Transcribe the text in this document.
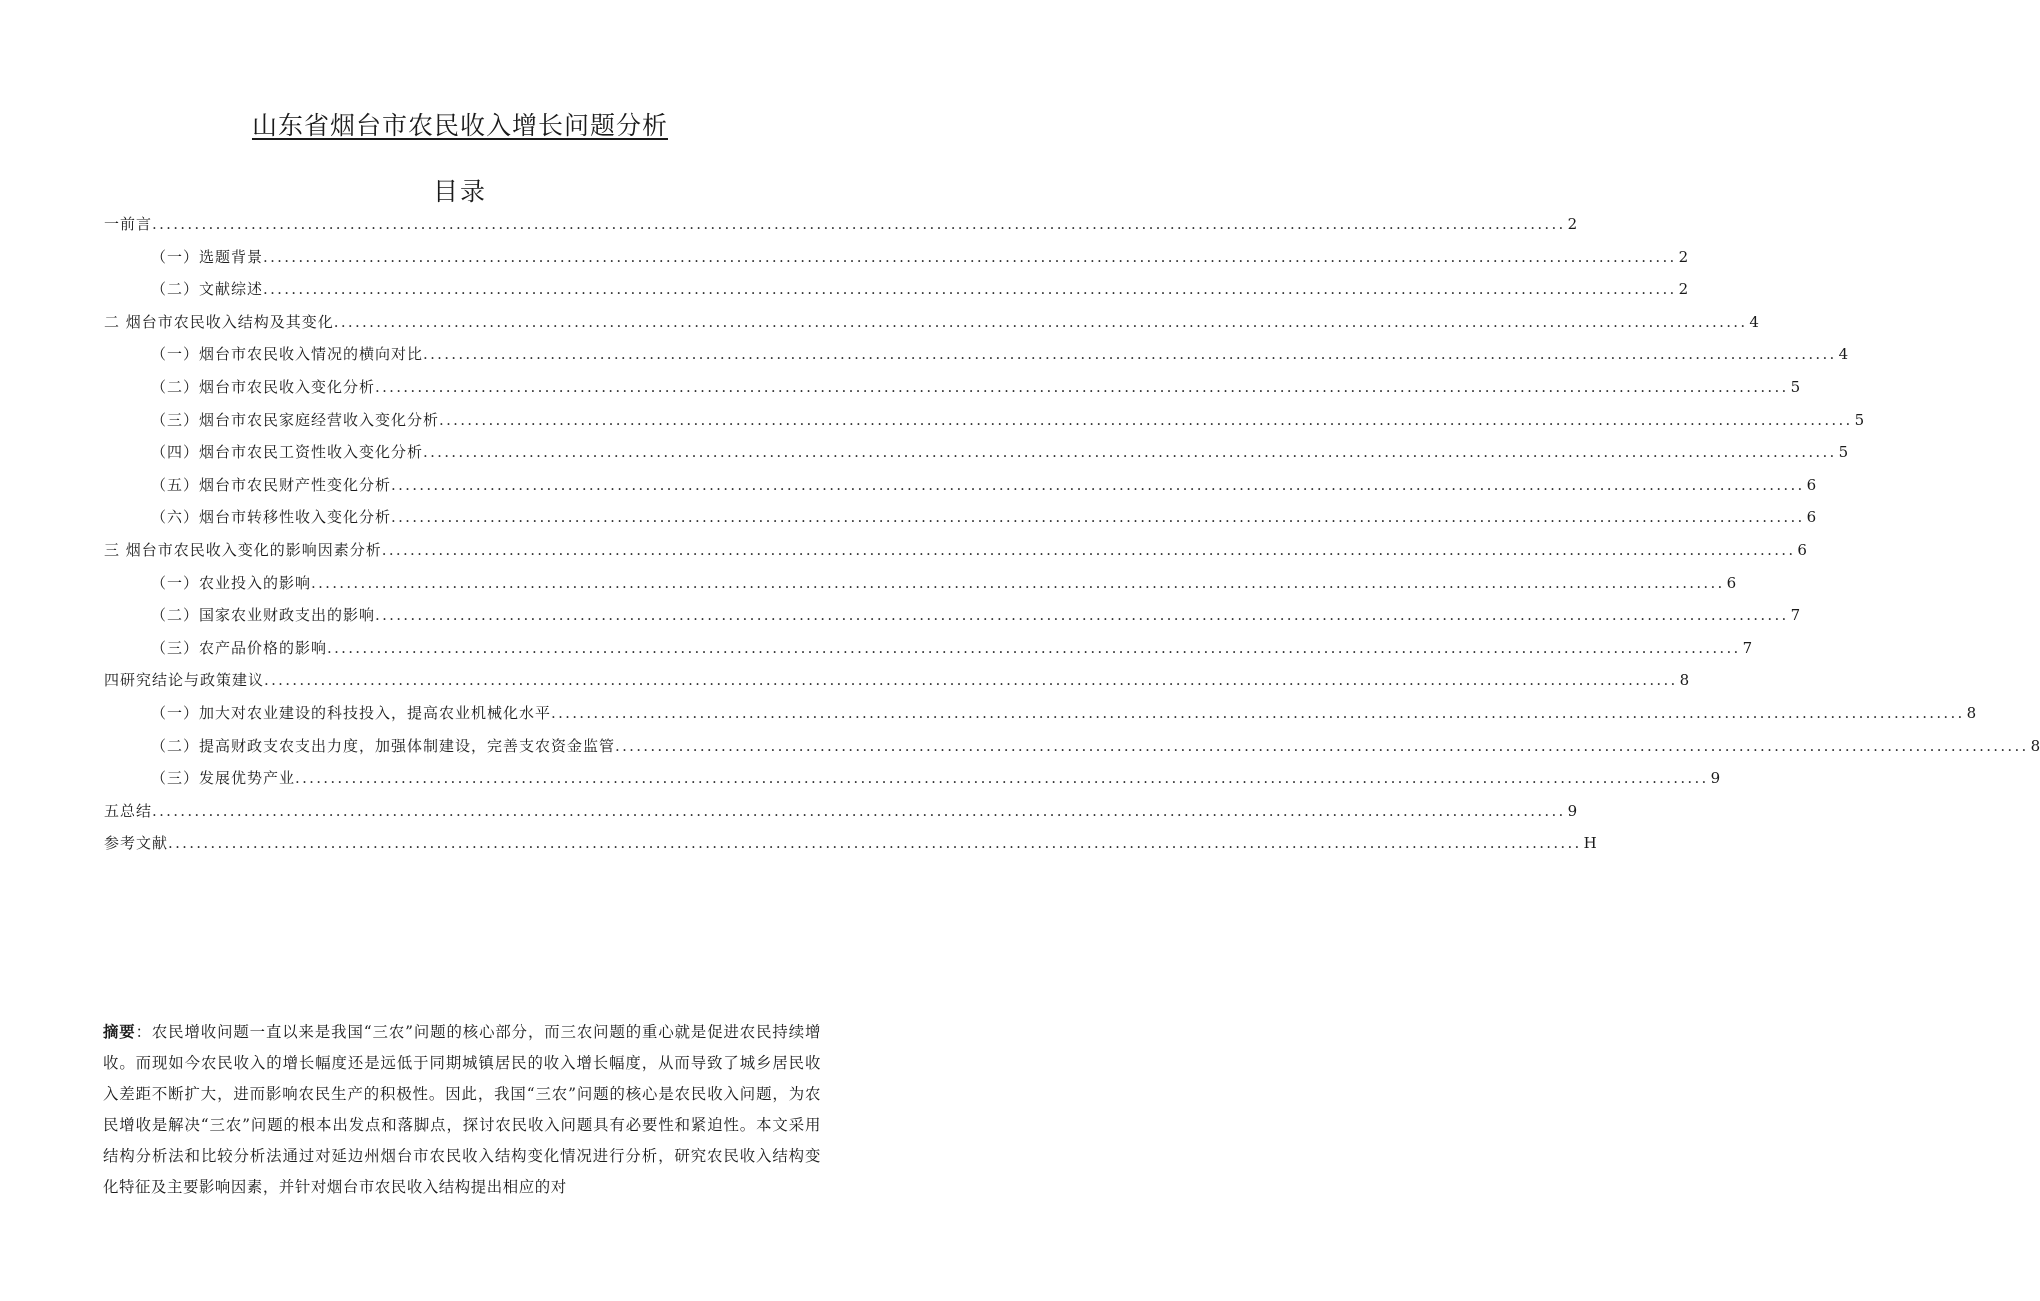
山东省烟台市农民收入增长问题分析
目录
一前言 ........................................................................................................................................................................................................ 2
（一）选题背景 ........................................................................................................................................................................................................ 2
（二）文献综述 ........................................................................................................................................................................................................ 2
二 烟台市农民收入结构及其变化 ........................................................................................................................................................................................................ 4
（一）烟台市农民收入情况的横向对比 ........................................................................................................................................................................................................ 4
（二）烟台市农民收入变化分析 ........................................................................................................................................................................................................ 5
（三）烟台市农民家庭经营收入变化分析 ........................................................................................................................................................................................................ 5
（四）烟台市农民工资性收入变化分析 ........................................................................................................................................................................................................ 5
（五）烟台市农民财产性变化分析 ........................................................................................................................................................................................................ 6
（六）烟台市转移性收入变化分析 ........................................................................................................................................................................................................ 6
三 烟台市农民收入变化的影响因素分析 ........................................................................................................................................................................................................ 6
（一）农业投入的影响 ........................................................................................................................................................................................................ 6
（二）国家农业财政支出的影响 ........................................................................................................................................................................................................ 7
（三）农产品价格的影响 ........................................................................................................................................................................................................ 7
四研究结论与政策建议 ........................................................................................................................................................................................................ 8
（一）加大对农业建设的科技投入，提高农业机械化水平 ........................................................................................................................................................................................................ 8
（二）提高财政支农支出力度，加强体制建设，完善支农资金监管 ........................................................................................................................................................................................................ 8
（三）发展优势产业 ........................................................................................................................................................................................................ 9
五总结 ........................................................................................................................................................................................................ 9
参考文献 ........................................................................................................................................................................................................ H

摘要：农民增收问题一直以来是我国“三农”问题的核心部分，而三农问题的重心就是促进农民持续增收。而现如今农民收入的增长幅度还是远低于同期城镇居民的收入增长幅度，从而导致了城乡居民收入差距不断扩大，进而影响农民生产的积极性。因此，我国“三农”问题的核心是农民收入问题，为农民增收是解决“三农”问题的根本出发点和落脚点，探讨农民收入问题具有必要性和紧迫性。本文采用结构分析法和比较分析法通过对延边州烟台市农民收入结构变化情况进行分析，研究农民收入结构变化特征及主要影响因素，并针对烟台市农民收入结构提出相应的对
